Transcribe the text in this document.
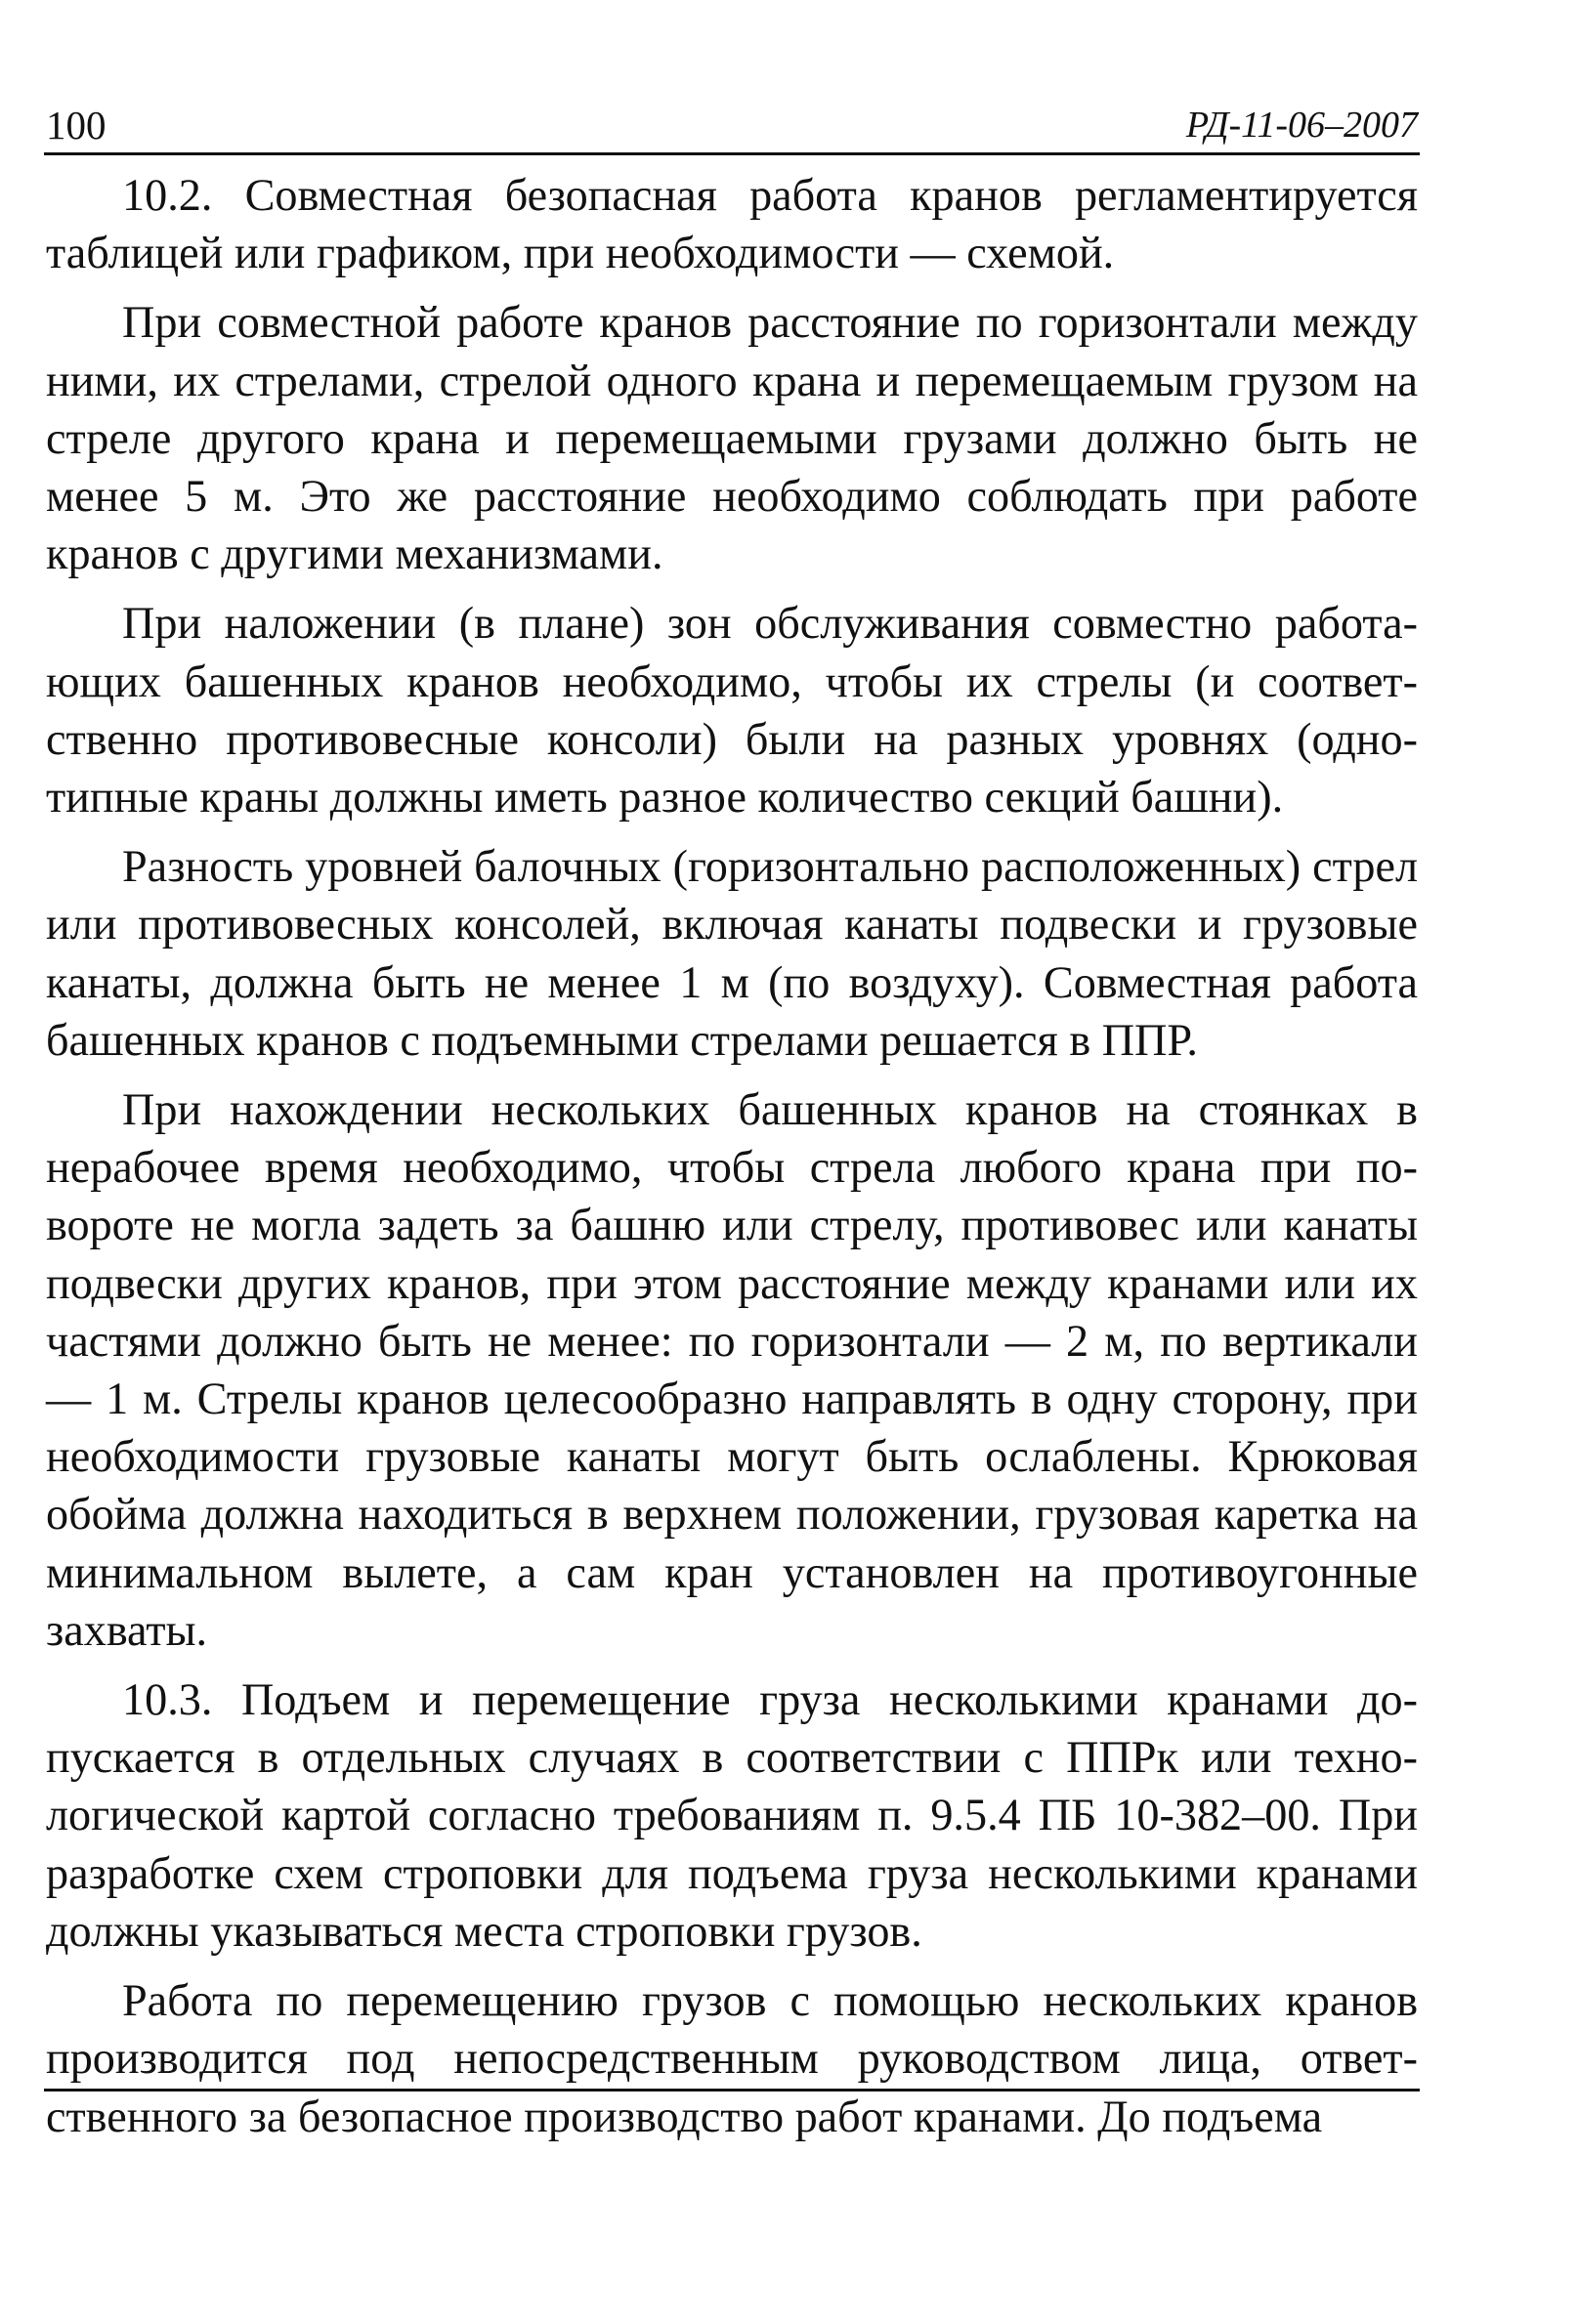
100	РД-11-06–2007

10.2. Совместная безопасная работа кранов регламентируется таблицей или графиком, при необходимости — схемой.

При совместной работе кранов расстояние по горизонтали между ними, их стрелами, стрелой одного крана и перемещаемым грузом на стреле другого крана и перемещаемыми грузами должно быть не менее 5 м. Это же расстояние необходимо соблюдать при работе кранов с другими механизмами.

При наложении (в плане) зон обслуживания совместно работающих башенных кранов необходимо, чтобы их стрелы (и соответственно противовесные консоли) были на разных уровнях (однотипные краны должны иметь разное количество секций башни).

Разность уровней балочных (горизонтально расположенных) стрел или противовесных консолей, включая канаты подвески и грузовые канаты, должна быть не менее 1 м (по воздуху). Совместная работа башенных кранов с подъемными стрелами решается в ППР.

При нахождении нескольких башенных кранов на стоянках в нерабочее время необходимо, чтобы стрела любого крана при повороте не могла задеть за башню или стрелу, противовес или канаты подвески других кранов, при этом расстояние между кранами или их частями должно быть не менее: по горизонтали — 2 м, по вертикали — 1 м. Стрелы кранов целесообразно направлять в одну сторону, при необходимости грузовые канаты могут быть ослаблены. Крюковая обойма должна находиться в верхнем положении, грузовая каретка на минимальном вылете, а сам кран установлен на противоугонные захваты.

10.3. Подъем и перемещение груза несколькими кранами допускается в отдельных случаях в соответствии с ППРк или технологической картой согласно требованиям п. 9.5.4 ПБ 10-382–00. При разработке схем строповки для подъема груза несколькими кранами должны указываться места строповки грузов.

Работа по перемещению грузов с помощью нескольких кранов производится под непосредственным руководством лица, ответственного за безопасное производство работ кранами. До подъема
